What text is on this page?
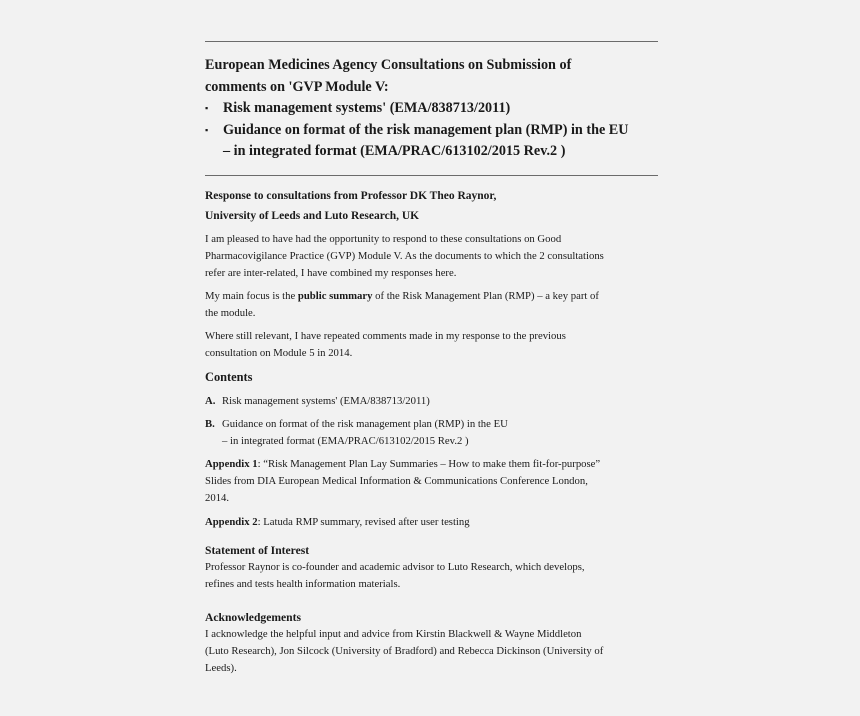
European Medicines Agency Consultations on Submission of
comments on 'GVP Module V:
▪	Risk management systems' (EMA/838713/2011)
▪	Guidance on format of the risk management plan (RMP) in the EU
– in integrated format (EMA/PRAC/613102/2015 Rev.2 )
Response to consultations from Professor DK Theo Raynor,
University of Leeds and Luto Research, UK
I am pleased to have had the opportunity to respond to these consultations on Good
Pharmacovigilance Practice (GVP) Module V. As the documents to which the 2 consultations
refer are inter-related, I have combined my responses here.
My main focus is the public summary of the Risk Management Plan (RMP) – a key part of
the module.
Where still relevant, I have repeated comments made in my response to the previous
consultation on Module 5 in 2014.
Contents
A. Risk management systems' (EMA/838713/2011)
B. Guidance on format of the risk management plan (RMP) in the EU
– in integrated format (EMA/PRAC/613102/2015 Rev.2 )
Appendix 1: “Risk Management Plan Lay Summaries – How to make them fit-for-purpose”
Slides from DIA European Medical Information & Communications Conference London,
2014.
Appendix 2: Latuda RMP summary, revised after user testing
Statement of Interest
Professor Raynor is co-founder and academic advisor to Luto Research, which develops,
refines and tests health information materials.
Acknowledgements
I acknowledge the helpful input and advice from Kirstin Blackwell & Wayne Middleton
(Luto Research), Jon Silcock (University of Bradford) and Rebecca Dickinson (University of
Leeds).
